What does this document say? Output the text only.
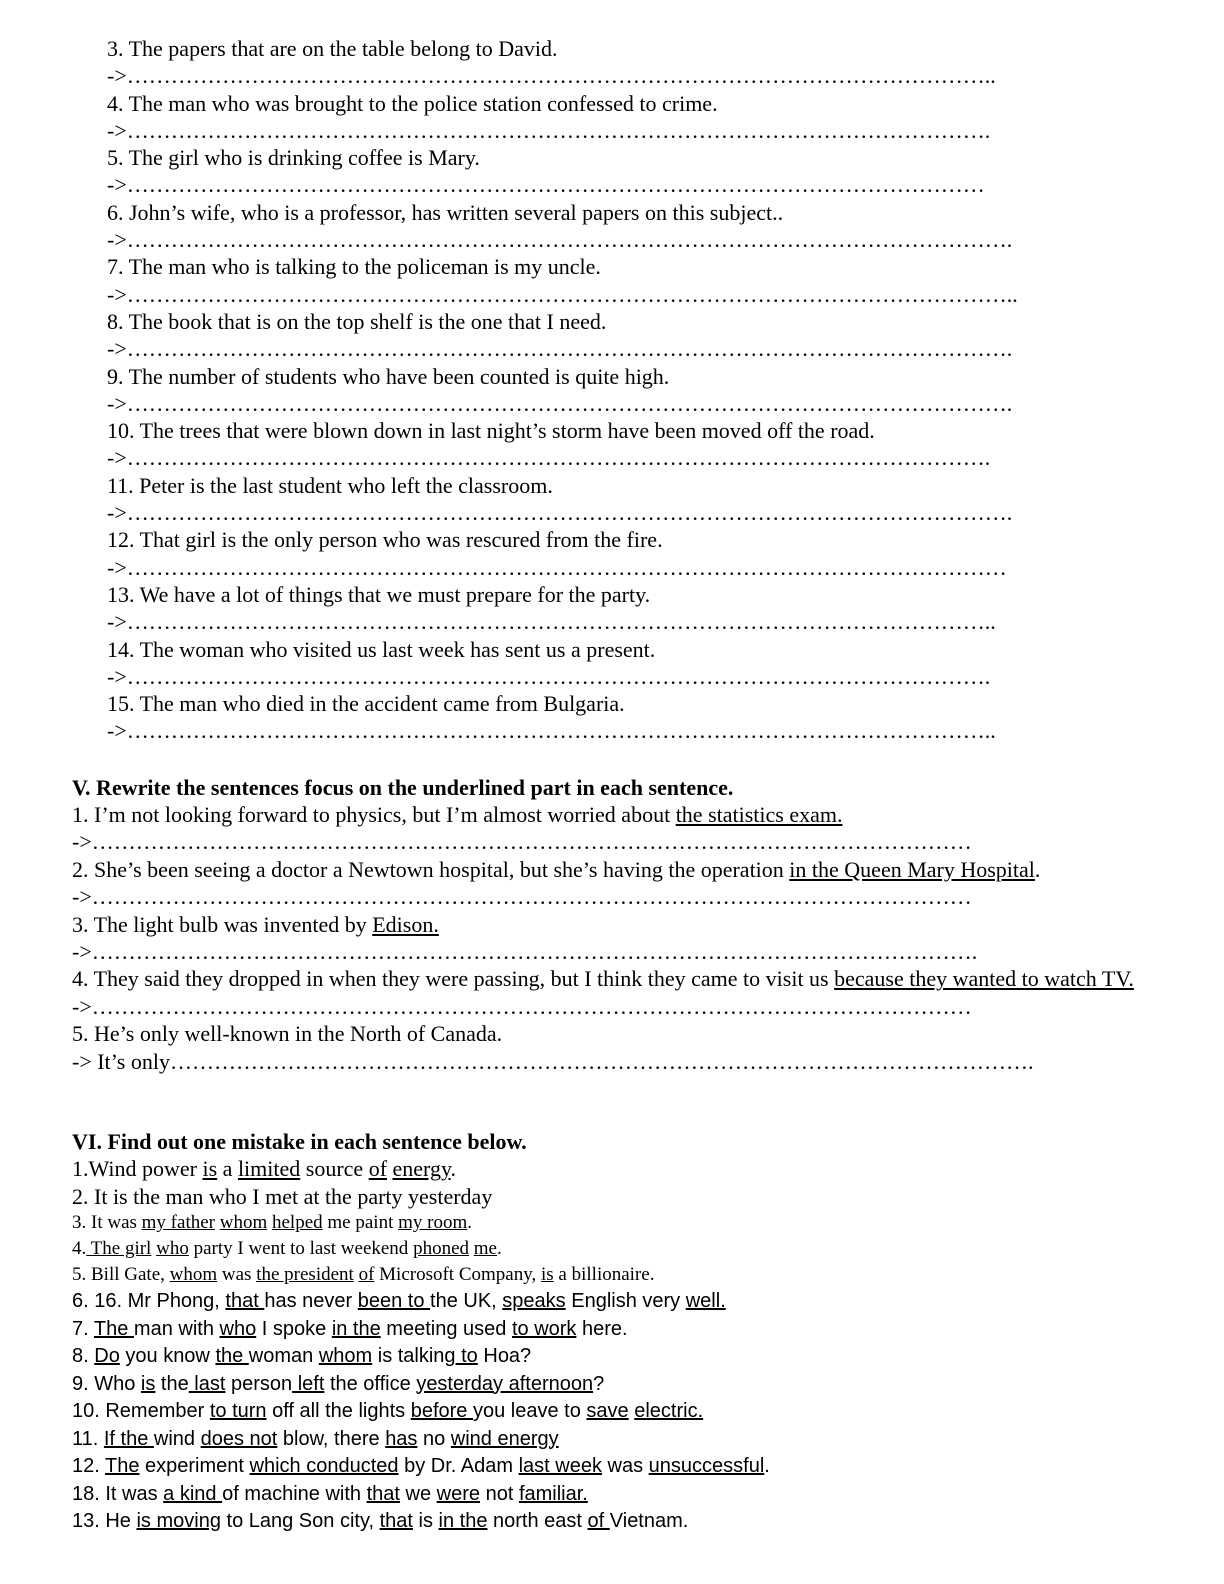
3. The papers that are on the table belong to David.
->………………………………………………………………………………………………………..
4. The man who was brought to the police station confessed to crime.
->……………………………………………………………………………………………………….
5. The girl who is drinking coffee is Mary.
->………………………………………………………………………………………………………
6. John’s wife, who is a professor, has written several papers on this subject..
->………………………………………………………………………………………………………….
7. The man who is talking to the policeman is my uncle.
->…………………………………………………………………………………………………………..
8. The book that is on the top shelf is the one that I need.
->………………………………………………………………………………………………………….
9. The number of students who have been counted is quite high.
->………………………………………………………………………………………………………….
10. The trees that were blown down in last night’s storm have been moved off the road.
->……………………………………………………………………………………………………….
11. Peter is the last student who left the classroom.
->………………………………………………………………………………………………………….
12. That girl is the only person who was rescured from the fire.
->…………………………………………………………………………………………………………
13. We have a lot of things that we must prepare for the party.
->………………………………………………………………………………………………………..
14. The woman who visited us last week has sent us a present.
->……………………………………………………………………………………………………….
15. The man who died in the accident came from Bulgaria.
->………………………………………………………………………………………………………..
V. Rewrite the sentences focus on the underlined part in each sentence.
1. I’m not looking forward to physics, but I’m almost worried about the statistics exam.
->…………………………………………………………………………………………………………
2. She’s been seeing a doctor a Newtown hospital, but she’s having the operation in the Queen Mary Hospital.
->…………………………………………………………………………………………………………
3. The light bulb was invented by Edison.
->………………………………………………………………………………………………………….
4. They said they dropped in when they were passing, but I think they came to visit us because they wanted to watch TV.
->…………………………………………………………………………………………………………
5. He’s only well-known in the North of Canada.
-> It’s only……………………………………………………………………………………………………….
VI. Find out one mistake in each sentence below.
1.Wind power is a limited source of energy.
2. It is the man who I met at the party yesterday
3. It was my father whom helped me paint my room.
4. The girl who party I went to last weekend phoned me.
5. Bill Gate, whom was the president of Microsoft Company, is a billionaire.
6. 16. Mr Phong, that has never been to the UK, speaks English very well.
7. The man with who I spoke in the meeting used to work here.
8. Do you know the woman whom is talking to Hoa?
9. Who is the last person left the office yesterday afternoon?
10. Remember to turn off all the lights before you leave to save electric.
11. If the wind does not blow, there has no wind energy
12. The experiment which conducted by Dr. Adam last week was unsuccessful.
18. It was a kind of machine with that we were not familiar.
13. He is moving to Lang Son city, that is in the north east of Vietnam.
